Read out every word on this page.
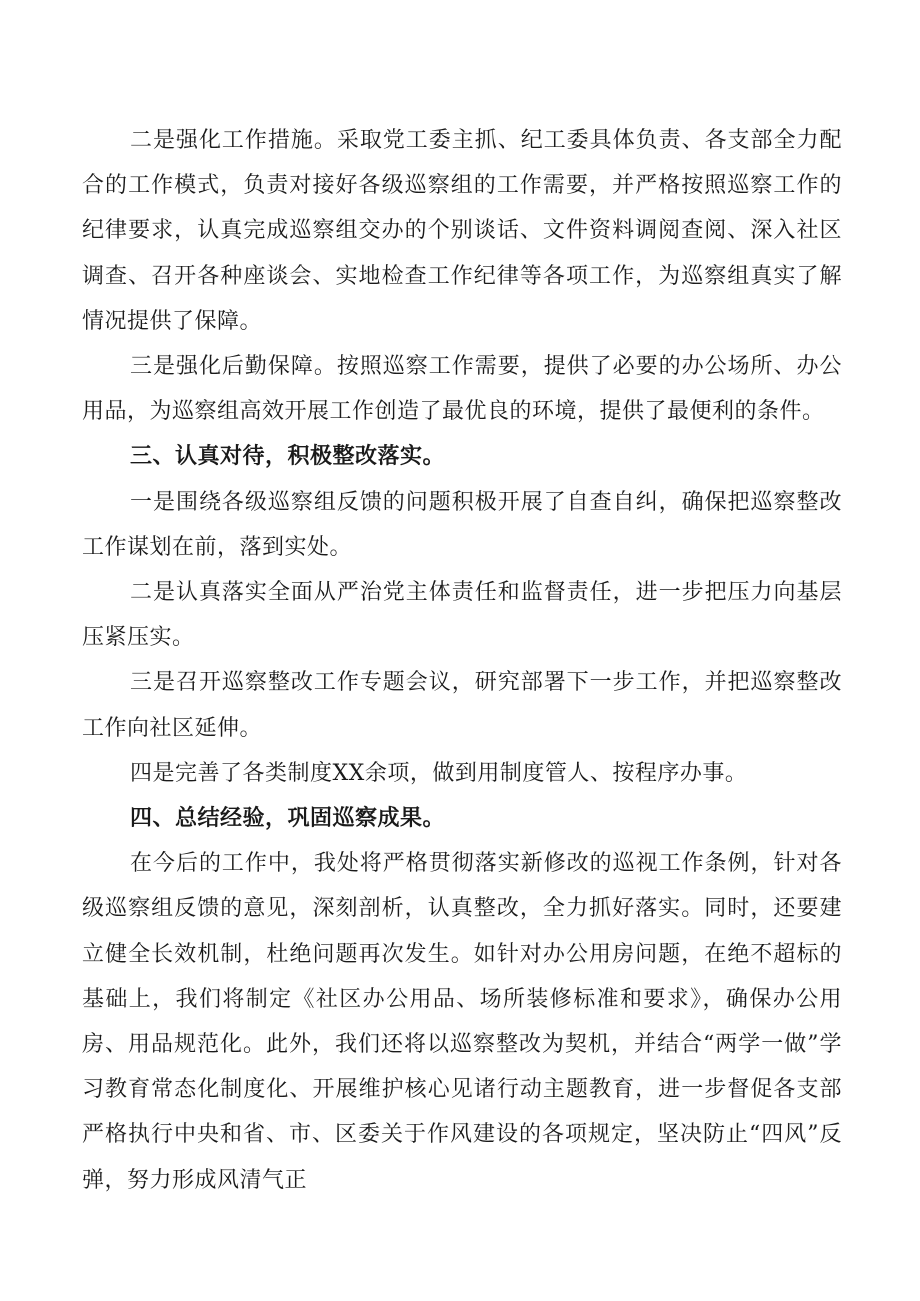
二是强化工作措施。采取党工委主抓、纪工委具体负责、各支部全力配合的工作模式，负责对接好各级巡察组的工作需要，并严格按照巡察工作的纪律要求，认真完成巡察组交办的个别谈话、文件资料调阅查阅、深入社区调查、召开各种座谈会、实地检查工作纪律等各项工作，为巡察组真实了解情况提供了保障。

三是强化后勤保障。按照巡察工作需要，提供了必要的办公场所、办公用品，为巡察组高效开展工作创造了最优良的环境，提供了最便利的条件。

三、认真对待，积极整改落实。

一是围绕各级巡察组反馈的问题积极开展了自查自纠，确保把巡察整改工作谋划在前，落到实处。

二是认真落实全面从严治党主体责任和监督责任，进一步把压力向基层压紧压实。

三是召开巡察整改工作专题会议，研究部署下一步工作，并把巡察整改工作向社区延伸。

四是完善了各类制度XX余项，做到用制度管人、按程序办事。

四、总结经验，巩固巡察成果。

在今后的工作中，我处将严格贯彻落实新修改的巡视工作条例，针对各级巡察组反馈的意见，深刻剖析，认真整改，全力抓好落实。同时，还要建立健全长效机制，杜绝问题再次发生。如针对办公用房问题，在绝不超标的基础上，我们将制定《社区办公用品、场所装修标准和要求》，确保办公用房、用品规范化。此外，我们还将以巡察整改为契机，并结合“两学一做”学习教育常态化制度化、开展维护核心见诸行动主题教育，进一步督促各支部严格执行中央和省、市、区委关于作风建设的各项规定，坚决防止“四风”反弹，努力形成风清气正
